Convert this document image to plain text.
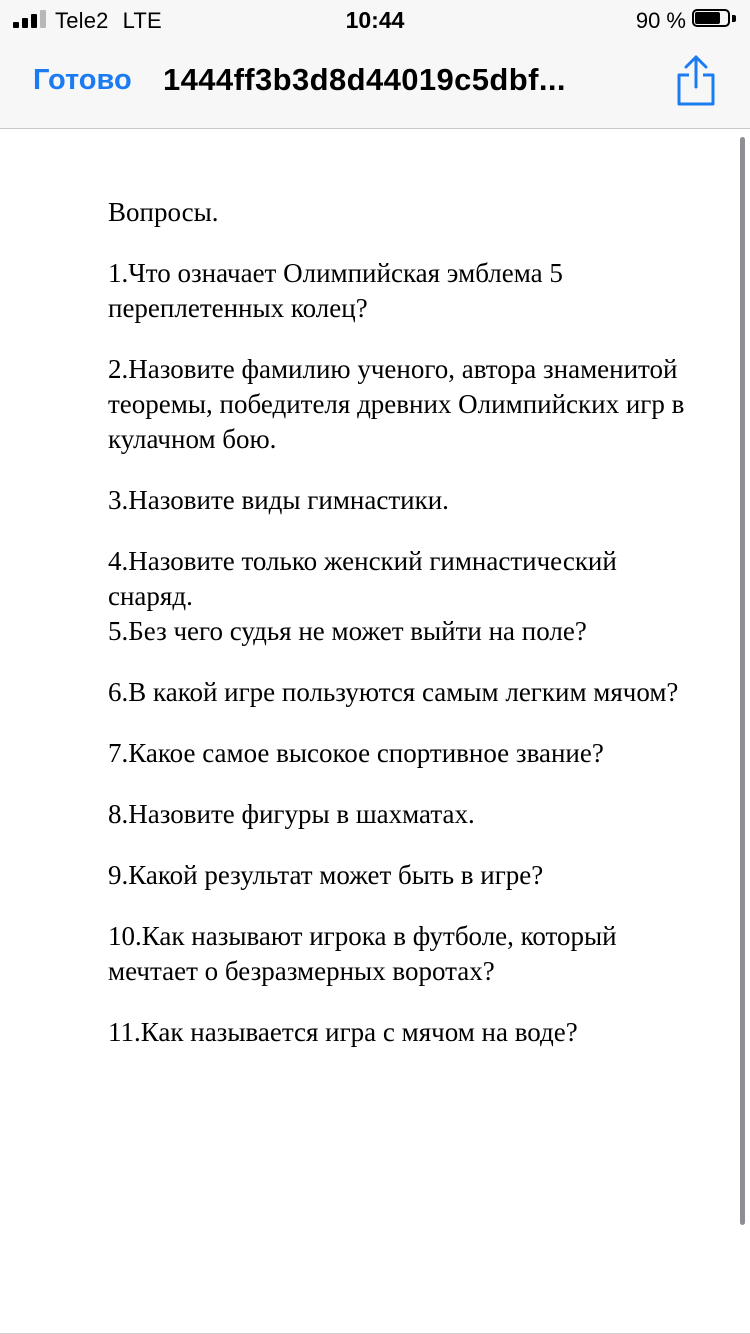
Tele2 LTE	10:44	90 %
Готово 1444ff3b3d8d44019c5dbf...

Вопросы.

1.Что означает Олимпийская эмблема 5 переплетенных колец?

2.Назовите фамилию ученого, автора знаменитой теоремы, победителя древних Олимпийских игр в кулачном бою.

3.Назовите виды гимнастики.

4.Назовите только женский гимнастический снаряд.

5.Без чего судья не может выйти на поле?

6.В какой игре пользуются самым легким мячом?

7.Какое самое высокое спортивное звание?

8.Назовите фигуры в шахматах.

9.Какой результат может быть в игре?

10.Как называют игрока в футболе, который мечтает о безразмерных воротах?

11.Как называется игра с мячом на воде?
